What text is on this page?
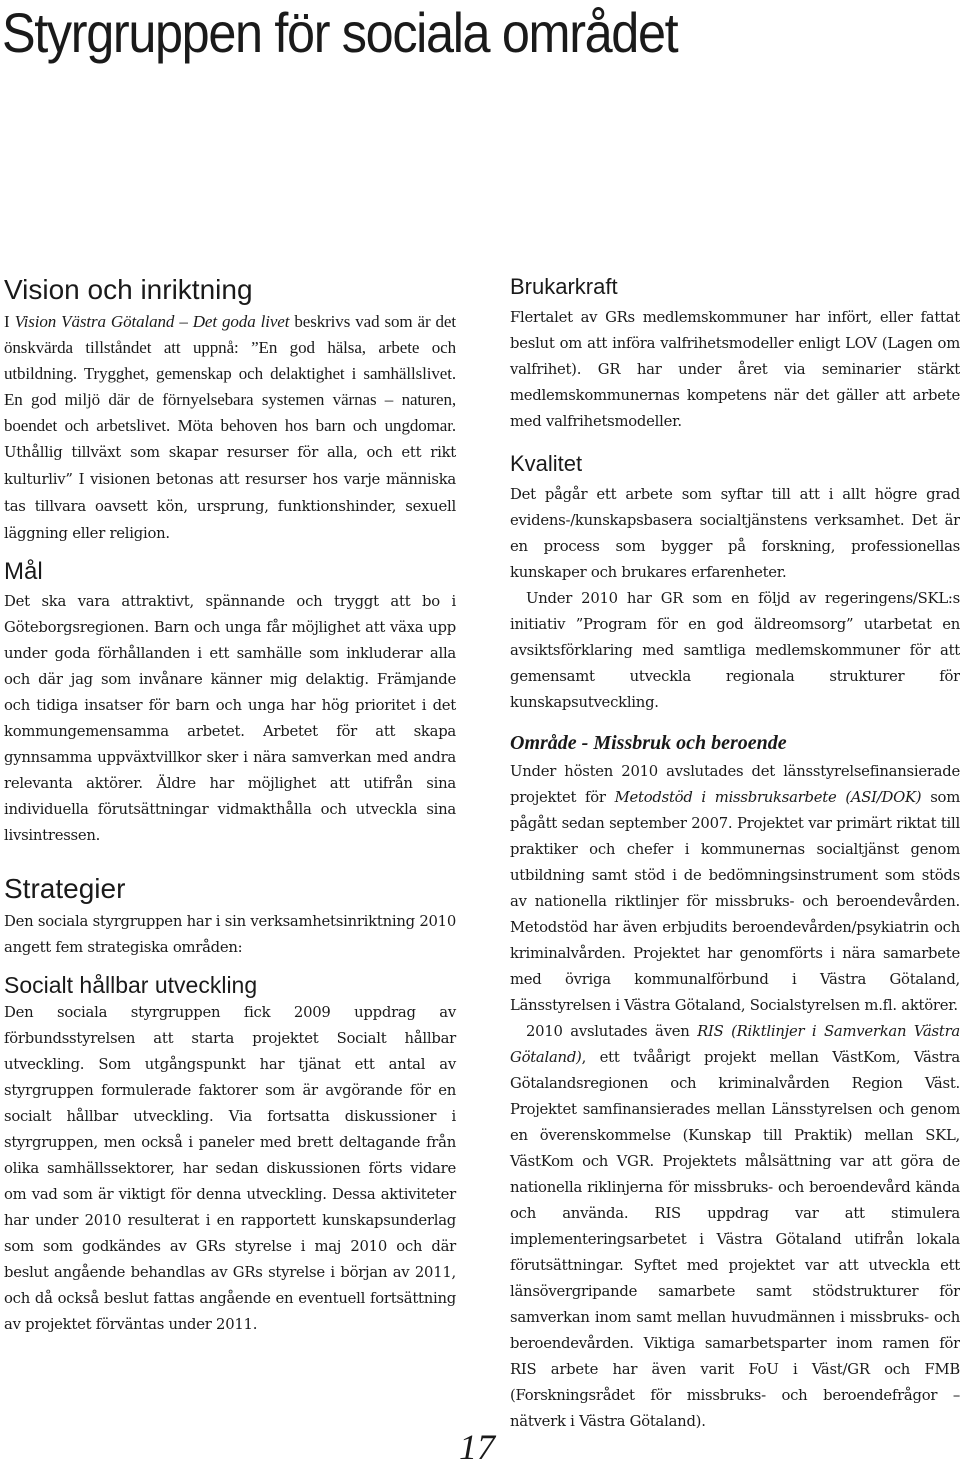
Styrgruppen för sociala området
Vision och inriktning

I Vision Västra Götaland – Det goda livet beskrivs vad som är det önskvärda tillståndet att uppnå: ”En god hälsa, arbete och utbildning. Trygghet, gemenskap och delaktighet i samhällslivet. En god miljö där de förnyelsebara systemen värnas – naturen, boendet och arbetslivet. Möta behoven hos barn och ungdomar. Uthållig tillväxt som skapar resurser för alla, och ett rikt kulturliv” I visionen betonas att resurser hos varje människa tas tillvara oavsett kön, ursprung, funktionshinder, sexuell läggning eller religion.

Mål

Det ska vara attraktivt, spännande och tryggt att bo i Göteborgsregionen. Barn och unga får möjlighet att växa upp under goda förhållanden i ett samhälle som inkluderar alla och där jag som invånare känner mig delaktig. Främjande och tidiga insatser för barn och unga har hög prioritet i det kommungemensamma arbetet. Arbetet för att skapa gynnsamma uppväxtvillkor sker i nära samverkan med andra relevanta aktörer. Äldre har möjlighet att utifrån sina individuella förutsättningar vidmakthålla och utveckla sina livsintressen.

Strategier

Den sociala styrgruppen har i sin verksamhetsinriktning 2010 angett fem strategiska områden:

Socialt hållbar utveckling

Den sociala styrgruppen fick 2009 uppdrag av förbundsstyrelsen att starta projektet Socialt hållbar utveckling. Som utgångspunkt har tjänat ett antal av styrgruppen formulerade faktorer som är avgörande för en socialt hållbar utveckling. Via fortsatta diskussioner i styrgruppen, men också i paneler med brett deltagande från olika samhällssektorer, har sedan diskussionen förts vidare om vad som är viktigt för denna utveckling. Dessa aktiviteter har under 2010 resulterat i en rapportett kunskapsunderlag som som godkändes av GRs styrelse i maj 2010 och där beslut angående behandlas av GRs styrelse i början av 2011, och då också beslut fattas angående en eventuell fortsättning av projektet förväntas under 2011.

Brukarkraft

Flertalet av GRs medlemskommuner har infört, eller fattat beslut om att införa valfrihetsmodeller enligt LOV (Lagen om valfrihet). GR har under året via seminarier stärkt medlemskommunernas kompetens när det gäller att arbete med valfrihetsmodeller.

Kvalitet

Det pågår ett arbete som syftar till att i allt högre grad evidens-/kunskapsbasera socialtjänstens verksamhet. Det är en process som bygger på forskning, professionellas kunskaper och brukares erfarenheter.

Under 2010 har GR som en följd av regeringens/SKL:s initiativ ”Program för en god äldreomsorg” utarbetat en avsiktsförklaring med samtliga medlemskommuner för att gemensamt utveckla regionala strukturer för kunskapsutveckling.

Område - Missbruk och beroende

Under hösten 2010 avslutades det länsstyrelsefinansierade projektet för Metodstöd i missbruksarbete (ASI/DOK) som pågått sedan september 2007. Projektet var primärt riktat till praktiker och chefer i kommunernas socialtjänst genom utbildning samt stöd i de bedömningsinstrument som stöds av nationella riktlinjer för missbruks- och beroendevården. Metodstöd har även erbjudits beroendevården/psykiatrin och kriminalvården. Projektet har genomförts i nära samarbete med övriga kommunalförbund i Västra Götaland, Länsstyrelsen i Västra Götaland, Socialstyrelsen m.fl. aktörer.

2010 avslutades även RIS (Riktlinjer i Samverkan Västra Götaland), ett tvåårigt projekt mellan VästKom, Västra Götalandsregionen och kriminalvården Region Väst. Projektet samfinansierades mellan Länsstyrelsen och genom en överenskommelse (Kunskap till Praktik) mellan SKL, VästKom och VGR. Projektets målsättning var att göra de nationella riklinjerna för missbruks- och beroendevård kända och använda. RIS uppdrag var att stimulera implementeringsarbetet i Västra Götaland utifrån lokala förutsättningar. Syftet med projektet var att utveckla ett länsövergripande samarbete samt stödstrukturer för samverkan inom samt mellan huvudmännen i missbruks- och beroendevården. Viktiga samarbetsparter inom ramen för RIS arbete har även varit FoU i Väst/GR och FMB (Forskningsrådet för missbruks- och beroendefrågor – nätverk i Västra Götaland).

17
